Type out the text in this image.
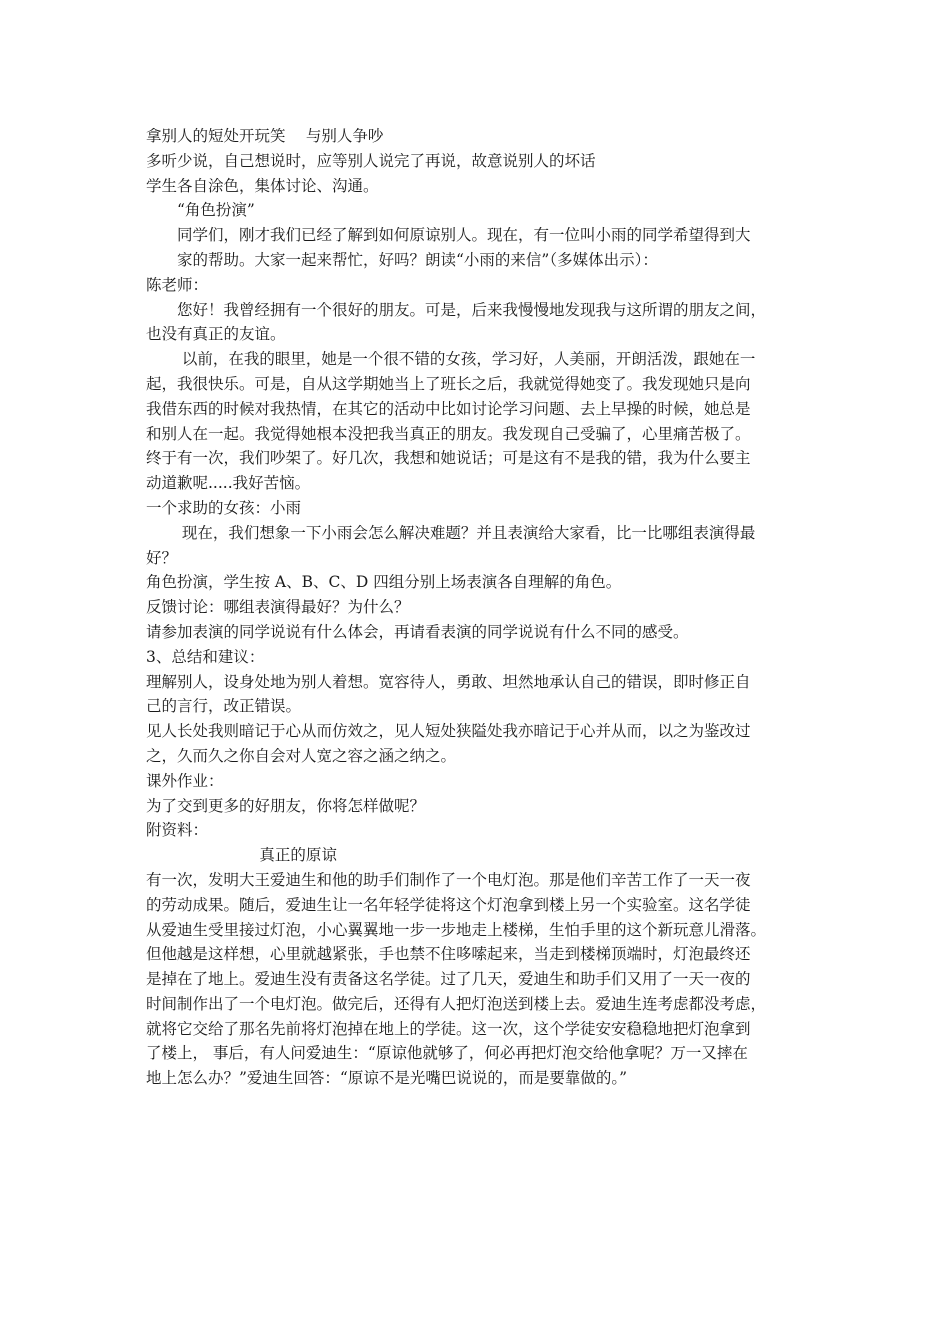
拿别人的短处开玩笑　 与别人争吵
多听少说，自己想说时，应等别人说完了再说，故意说别人的坏话
学生各自涂色，集体讨论、沟通。
　　“角色扮演”
　　同学们，刚才我们已经了解到如何原谅别人。现在，有一位叫小雨的同学希望得到大
　　家的帮助。大家一起来帮忙，好吗？朗读“小雨的来信”（多媒体出示）：
陈老师：
　　您好！我曾经拥有一个很好的朋友。可是，后来我慢慢地发现我与这所谓的朋友之间，
也没有真正的友谊。
　　 以前，在我的眼里，她是一个很不错的女孩，学习好，人美丽，开朗活泼，跟她在一
起，我很快乐。可是，自从这学期她当上了班长之后，我就觉得她变了。我发现她只是向
我借东西的时候对我热情，在其它的活动中比如讨论学习问题、去上早操的时候，她总是
和别人在一起。我觉得她根本没把我当真正的朋友。我发现自己受骗了，心里痛苦极了。
终于有一次，我们吵架了。好几次，我想和她说话；可是这有不是我的错，我为什么要主
动道歉呢.....我好苦恼。
一个求助的女孩：小雨
　　 现在，我们想象一下小雨会怎么解决难题？并且表演给大家看，比一比哪组表演得最
好？
角色扮演，学生按 A、B、C、D 四组分别上场表演各自理解的角色。
反馈讨论：哪组表演得最好？为什么？
请参加表演的同学说说有什么体会，再请看表演的同学说说有什么不同的感受。
3、总结和建议：
理解别人，设身处地为别人着想。宽容待人，勇敢、坦然地承认自己的错误，即时修正自
己的言行，改正错误。
见人长处我则暗记于心从而仿效之，见人短处狭隘处我亦暗记于心并从而，以之为鉴改过
之，久而久之你自会对人宽之容之涵之纳之。
课外作业：
为了交到更多的好朋友，你将怎样做呢？
附资料：
　　　　　　　 真正的原谅
有一次，发明大王爱迪生和他的助手们制作了一个电灯泡。那是他们辛苦工作了一天一夜
的劳动成果。随后，爱迪生让一名年轻学徒将这个灯泡拿到楼上另一个实验室。这名学徒
从爱迪生受里接过灯泡，小心翼翼地一步一步地走上楼梯，生怕手里的这个新玩意儿滑落。
但他越是这样想，心里就越紧张，手也禁不住哆嗦起来，当走到楼梯顶端时，灯泡最终还
是掉在了地上。爱迪生没有责备这名学徒。过了几天，爱迪生和助手们又用了一天一夜的
时间制作出了一个电灯泡。做完后，还得有人把灯泡送到楼上去。爱迪生连考虑都没考虑，
就将它交给了那名先前将灯泡掉在地上的学徒。这一次，这个学徒安安稳稳地把灯泡拿到
了楼上， 事后，有人问爱迪生：“原谅他就够了，何必再把灯泡交给他拿呢？万一又摔在
地上怎么办？”爱迪生回答：“原谅不是光嘴巴说说的，而是要靠做的。”
